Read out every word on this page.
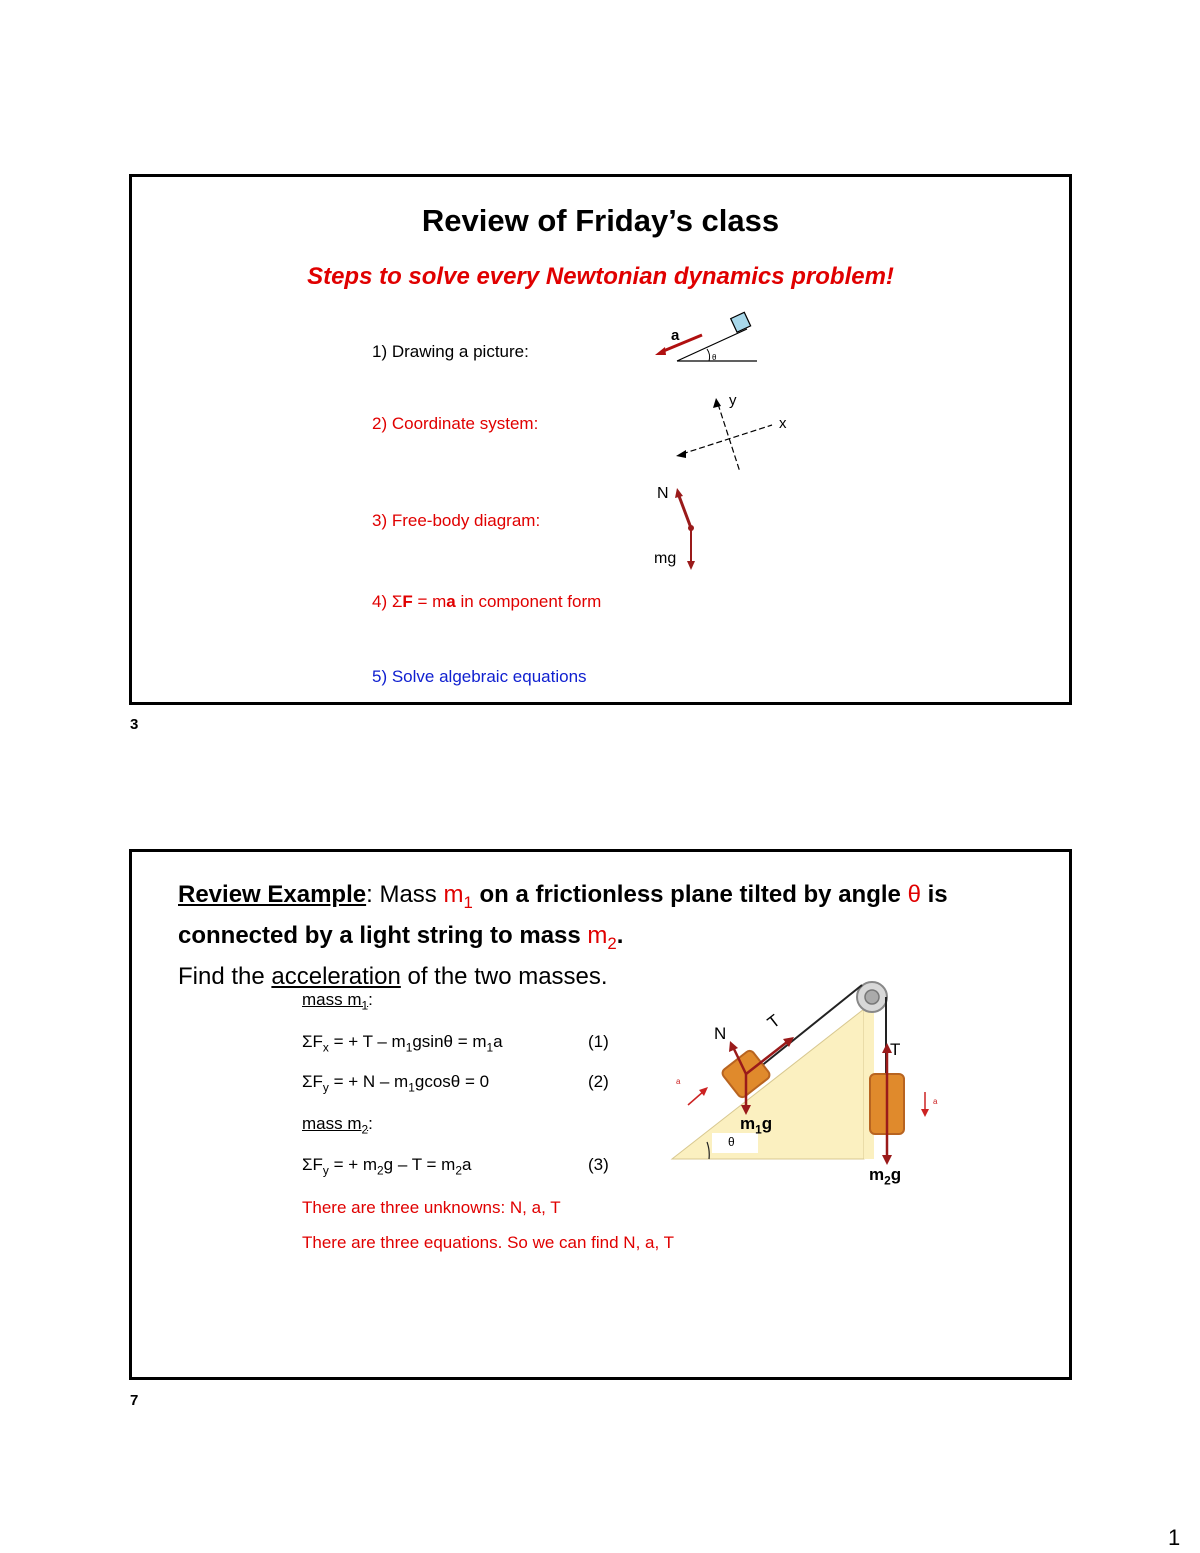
Review of Friday’s class
Steps to solve every Newtonian dynamics problem!
1) Drawing a picture:
2) Coordinate system:
3) Free-body diagram:
4) ΣF = ma in component form
5) Solve algebraic equations
a
θ
y
x
N
mg
3
Review Example: Mass $m_1$ on a frictionless plane tilted by angle θ is
connected by a light string to mass $m_2$.
Find the acceleration of the two masses.
mass $m_1$:
$\Sigma F_x$ = + $T - m_1gsin\theta = m_1a$	(1)
$\Sigma F_y$ = + $N - m_1gcos\theta = 0$	(2)
mass $m_2$:
$\Sigma F_y$ = + $m_2g - T = m_2a$	(3)
There are three unknowns: N, a, T
There are three equations. So we can find N, a, T
N
T
T
a
a
$m_1g$
$m_2g$
θ
7
1
